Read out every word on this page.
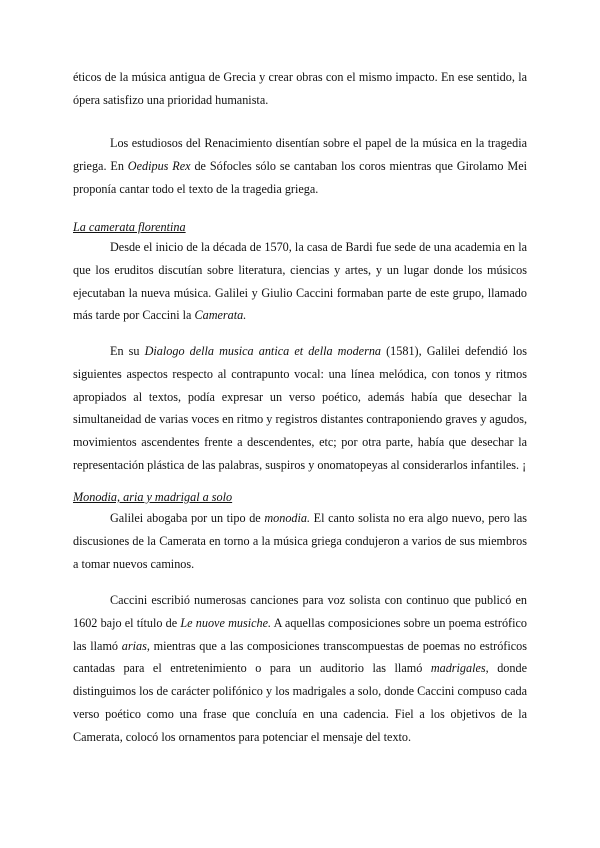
éticos de la música antigua de Grecia y crear obras con el mismo impacto. En ese sentido, la ópera satisfizo una prioridad humanista.
Los estudiosos del Renacimiento disentían sobre el papel de la música en la tragedia griega. En Oedipus Rex de Sófocles sólo se cantaban los coros mientras que Girolamo Mei proponía cantar todo el texto de la tragedia griega.
La camerata florentina
Desde el inicio de la década de 1570, la casa de Bardi fue sede de una academia en la que los eruditos discutían sobre literatura, ciencias y artes, y un lugar donde los músicos ejecutaban la nueva música. Galilei y Giulio Caccini formaban parte de este grupo, llamado más tarde por Caccini la Camerata.
En su Dialogo della musica antica et della moderna (1581), Galilei defendió los siguientes aspectos respecto al contrapunto vocal: una línea melódica, con tonos y ritmos apropiados al textos, podía expresar un verso poético, además había que desechar la simultaneidad de varias voces en ritmo y registros distantes contraponiendo graves y agudos, movimientos ascendentes frente a descendentes, etc; por otra parte, había que desechar la representación plástica de las palabras, suspiros y onomatopeyas al considerarlos infantiles. ¡
Monodia, aria y madrigal a solo
Galilei abogaba por un tipo de monodia. El canto solista no era algo nuevo, pero las discusiones de la Camerata en torno a la música griega condujeron a varios de sus miembros a tomar nuevos caminos.
Caccini escribió numerosas canciones para voz solista con continuo que publicó en 1602 bajo el título de Le nuove musiche. A aquellas composiciones sobre un poema estrófico las llamó arias, mientras que a las composiciones transcompuestas de poemas no estróficos cantadas para el entretenimiento o para un auditorio las llamó madrigales, donde distinguimos los de carácter polifónico y los madrigales a solo, donde Caccini compuso cada verso poético como una frase que concluía en una cadencia. Fiel a los objetivos de la Camerata, colocó los ornamentos para potenciar el mensaje del texto.
